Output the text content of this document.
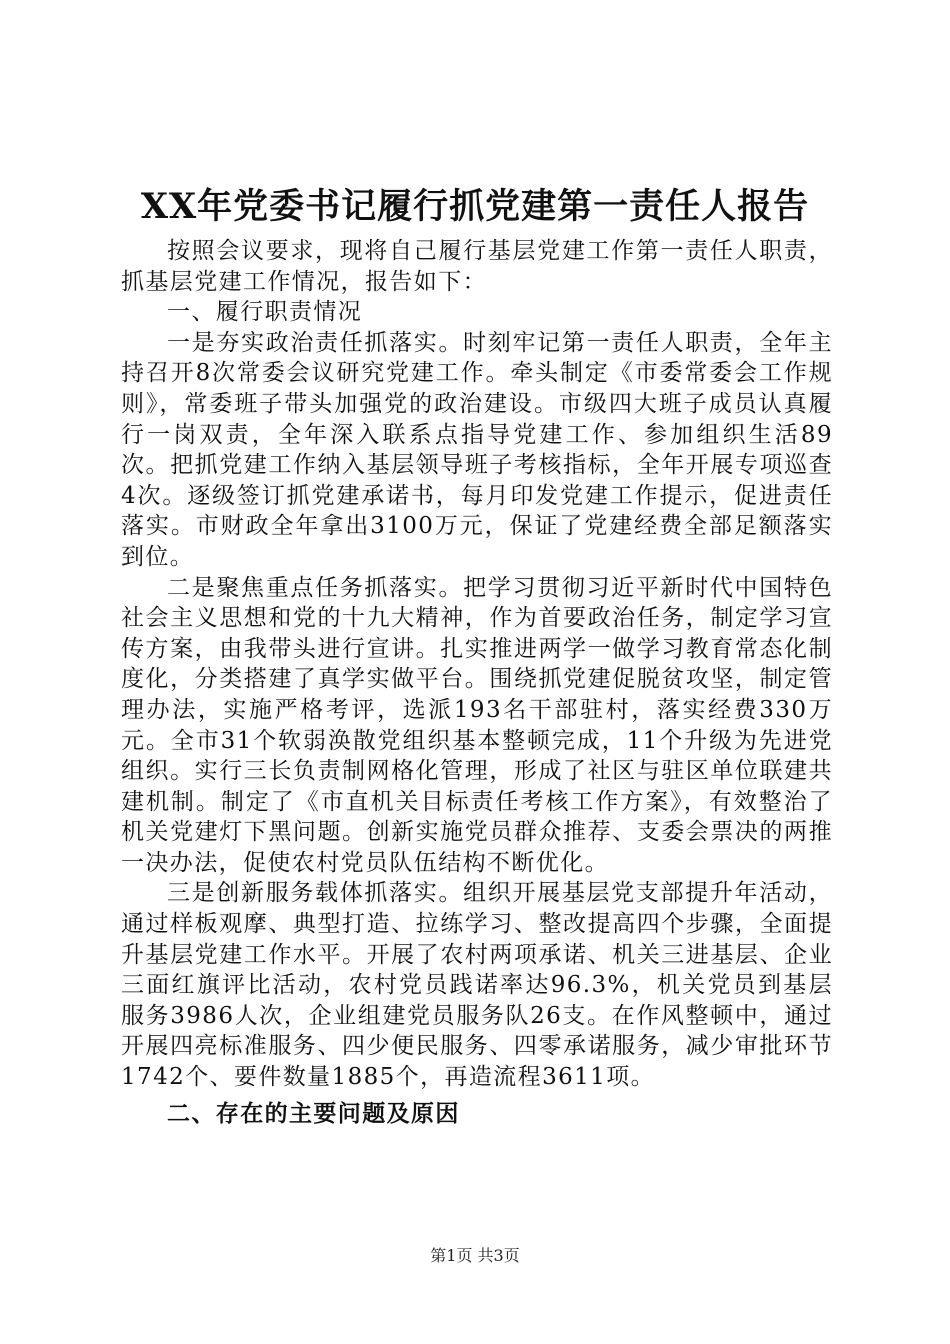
XX年党委书记履行抓党建第一责任人报告

按照会议要求，现将自己履行基层党建工作第一责任人职责，抓基层党建工作情况，报告如下：

一、履行职责情况

一是夯实政治责任抓落实。时刻牢记第一责任人职责，全年主持召开8次常委会议研究党建工作。牵头制定《市委常委会工作规则》，常委班子带头加强党的政治建设。市级四大班子成员认真履行一岗双责，全年深入联系点指导党建工作、参加组织生活89次。把抓党建工作纳入基层领导班子考核指标，全年开展专项巡查4次。逐级签订抓党建承诺书，每月印发党建工作提示，促进责任落实。市财政全年拿出3100万元，保证了党建经费全部足额落实到位。

二是聚焦重点任务抓落实。把学习贯彻习近平新时代中国特色社会主义思想和党的十九大精神，作为首要政治任务，制定学习宣传方案，由我带头进行宣讲。扎实推进两学一做学习教育常态化制度化，分类搭建了真学实做平台。围绕抓党建促脱贫攻坚，制定管理办法，实施严格考评，选派193名干部驻村，落实经费330万元。全市31个软弱涣散党组织基本整顿完成，11个升级为先进党组织。实行三长负责制网格化管理，形成了社区与驻区单位联建共建机制。制定了《市直机关目标责任考核工作方案》，有效整治了机关党建灯下黑问题。创新实施党员群众推荐、支委会票决的两推一决办法，促使农村党员队伍结构不断优化。

三是创新服务载体抓落实。组织开展基层党支部提升年活动，通过样板观摩、典型打造、拉练学习、整改提高四个步骤，全面提升基层党建工作水平。开展了农村两项承诺、机关三进基层、企业三面红旗评比活动，农村党员践诺率达96.3%，机关党员到基层服务3986人次，企业组建党员服务队26支。在作风整顿中，通过开展四亮标准服务、四少便民服务、四零承诺服务，减少审批环节1742个、要件数量1885个，再造流程3611项。

二、存在的主要问题及原因

第1页 共3页
